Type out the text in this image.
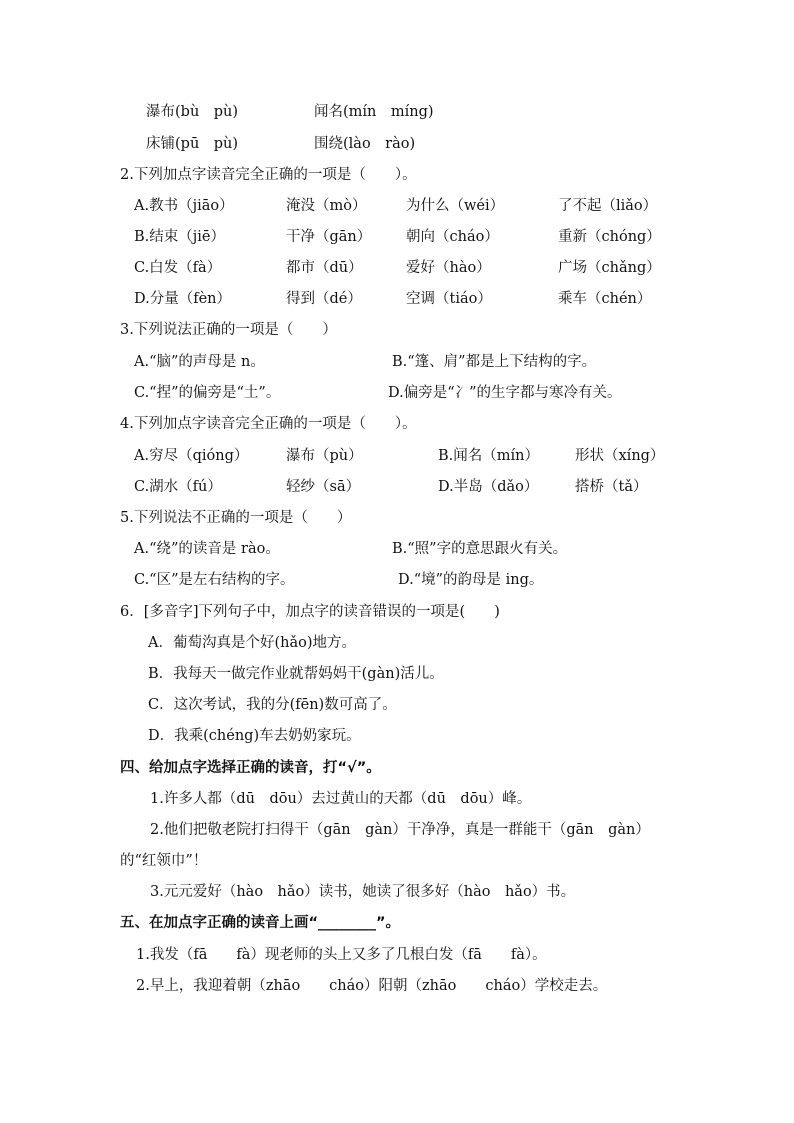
瀑布(bù　pù)	闻名(mín　míng)
床铺(pū　pù)	围绕(lào　rào)
2.下列加点字读音完全正确的一项是（　　）。
A.教书（jiāo）	淹没（mò）	为什么（wéi）	了不起（liǎo）
B.结束（jiē）	干净（gān） 朝向（cháo）	重新（chóng）
C.白发（fà）	都市（dū）	爱好（hào）	广场（chǎng）
D.分量（fèn）	得到（dé）	空调（tiáo）	乘车（chén）
3.下列说法正确的一项是（　　）
A.“脑”的声母是 n。	B.“篷、肩”都是上下结构的字。
C.“捏”的偏旁是“土”。	D.偏旁是“冫”的生字都与寒冷有关。
4.下列加点字读音完全正确的一项是（　　）。
A.穷尽（qióng）	瀑布（pù）	B.闻名（mín） 形状（xíng）
C.湖水（fú）	轻纱（sā）	D.半岛（dǎo）	搭桥（tǎ）
5.下列说法不正确的一项是（　　）
A.“绕”的读音是 rào。	B.“照”字的意思跟火有关。
C.“区”是左右结构的字。	D.“境”的韵母是 ing。
6．[多音字]下列句子中，加点字的读音错误的一项是(　　)
A．葡萄沟真是个好(hǎo)地方。
B．我每天一做完作业就帮妈妈干(gàn)活儿。
C．这次考试，我的分(fēn)数可高了。
D．我乘(chéng)车去奶奶家玩。
四、给加点字选择正确的读音，打“√”。
1.许多人都（dū　dōu）去过黄山的天都（dū　dōu）峰。
2.他们把敬老院打扫得干（gān　gàn）干净净，真是一群能干（gān　gàn）
的“红领巾”！
3.元元爱好（hào　hǎo）读书，她读了很多好（hào　hǎo）书。
五、在加点字正确的读音上画“________”。
1.我发（fā　　fà）现老师的头上又多了几根白发（fā　　fà）。
2.早上，我迎着朝（zhāo　　cháo）阳朝（zhāo　　cháo）学校走去。
